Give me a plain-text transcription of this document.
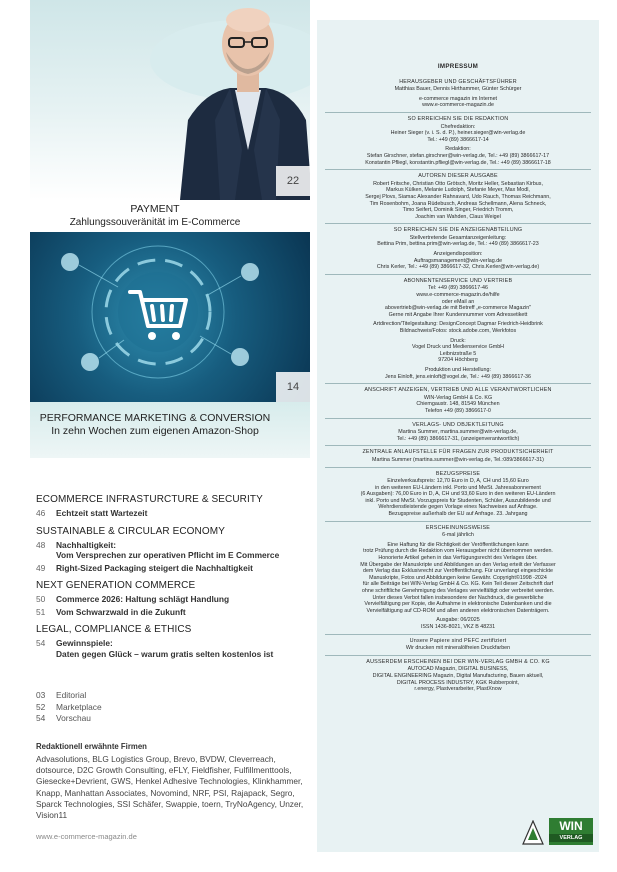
22
PAYMENT
Zahlungssouveränität im E-Commerce
14
PERFORMANCE MARKETING & CONVERSION
In zehn Wochen zum eigenen Amazon-Shop
ECOMMERCE INFRASTURCTURE & SECURITY
46	Echtzeit statt Wartezeit
SUSTAINABLE & CIRCULAR ECONOMY
48	Nachhaltigkeit:
Vom Versprechen zur operativen Pflicht im E Commerce
49	Right-Sized Packaging steigert die Nachhaltigkeit
NEXT GENERATION COMMERCE
50	Commerce 2026: Haltung schlägt Handlung
51	Vom Schwarzwald in die Zukunft
LEGAL, COMPLIANCE & ETHICS
54	Gewinnspiele:
Daten gegen Glück – warum gratis selten kostenlos ist
03	Editorial
52	Marketplace
54	Vorschau
Redaktionell erwähnte Firmen
Advasolutions, BLG Logistics Group, Brevo, BVDW, Cleverreach, dotsource, D2C Growth Consulting, eFLY, Fieldfisher, Fulfillmenttools, Giesecke+Devrient, GWS, Henkel Adhesive Technologies, Klinkhammer, Knapp, Manhattan Associates, Novomind, NRF, PSI, Rajapack, Segro, Sparck Technologies, SSI Schäfer, Swappie, toern, TryNoAgency, Unzer, Vision11
www.e-commerce-magazin.de
IMPRESSUM
HERAUSGEBER UND GESCHÄFTSFÜHRER
Matthias Bauer, Dennis Hirthammer, Günter Schürger
e-commerce magazin im Internet
www.e-commerce-magazin.de
SO ERREICHEN SIE DIE REDAKTION
Chefredaktion:
Heiner Sieger (v. i. S. d. P.), heiner.sieger@win-verlag.de
Tel.: +49 (89) 3866617-14
Redaktion:
Stefan Girschner, stefan.girschner@win-verlag.de, Tel.: +49 (89) 3866617-17
Konstantin Pfliegl, konstantin.pfliegl@win-verlag.de, Tel.: +49 (89) 3866617-18
AUTOREN DIESER AUSGABE
Robert Fritsche, Christian Otto Grötsch, Moritz Heller, Sebastian Kirbus,
Markus Külken, Melanie Ludolph, Stefanie Meyer, Max Modl,
Sergej Plovs, Siamac Alexander Rahnavard, Udo Rauch, Thomas Reichmann,
Tim Rosenbohm, Joana Rüdebusch, Andreas Schellmann, Alena Schneck,
Timo Seifert, Dominik Singer, Friedrich Tromm,
Joachim van Wahden, Claus Weigel
SO ERREICHEN SIE DIE ANZEIGENABTEILUNG
Stellvertretende Gesamtanzeigenleitung:
Bettina Prim, bettina.prim@win-verlag.de, Tel.: +49 (89) 3866617-23
Anzeigendisposition:
Auftragsmanagement@win-verlag.de
Chris Kerler, Tel.: +49 (89) 3866617-32, Chris.Kerler@win-verlag.de)
ABONNENTENSERVICE UND VERTRIEB
Tel: +49 (89) 3866617-46
www.e-commerce-magazin.de/hilfe
oder eMail an
abovertrieb@win-verlag.de mit Betreff „e-commerce Magazin"
Gerne mit Angabe Ihrer Kundennummer vom Adressetikett
Artdirection/Titelgestaltung: DesignConcept Dagmar Friedrich-Heidbrink
Bildnachweis/Fotos: stock.adobe.com, Werkfotos
Druck:
Vogel Druck und Medienservice GmbH
Leibnizstraße 5
97204 Höchberg
Produktion und Herstellung:
Jens Einloft, jens.einloft@vogel.de, Tel.: +49 (89) 3866617-36
ANSCHRIFT ANZEIGEN, VERTRIEB UND ALLE VERANTWORTLICHEN
WIN-Verlag GmbH & Co. KG
Chiemgaustr. 148, 81549 München
Telefon +49 (89) 3866617-0
VERLAGS- UND OBJEKTLEITUNG
Martina Summer, martina.summer@win-verlag.de,
Tel.: +49 (89) 3866617-31, (anzeigenverantwortlich)
ZENTRALE ANLAUFSTELLE FÜR FRAGEN ZUR PRODUKTSICHERHEIT
Martina Summer (martina.summer@win-verlag.de, Tel.:089/3866617-31)
BEZUGSPREISE
Einzelverkaufspreis: 12,70 Euro in D, A, CH und 15,60 Euro
in den weiteren EU-Ländern inkl. Porto und MwSt. Jahresabonnement
(6 Ausgaben): 76,00 Euro in D, A, CH und 93,60 Euro in den weiteren EU-Ländern
inkl. Porto und MwSt. Vorzugspreis für Studenten, Schüler, Auszubildende und
Wehrdienstleistende gegen Vorlage eines Nachweises auf Anfrage.
Bezugspreise außerhalb der EU auf Anfrage. 23. Jahrgang
ERSCHEINUNGSWEISE
6-mal jährlich
Eine Haftung für die Richtigkeit der Veröffentlichungen kann
trotz Prüfung durch die Redaktion vom Herausgeber nicht übernommen werden.
Honorierte Artikel gehen in das Verfügungsrecht des Verlages über.
Mit Übergabe der Manuskripte und Abbildungen an den Verlag erteilt der Verfasser
dem Verlag das Exklusivrecht zur Veröffentlichung. Für unverlangt eingeschickte
Manuskripte, Fotos und Abbildungen keine Gewähr. Copyright©1998 -2024
für alle Beiträge bei WIN-Verlag GmbH & Co. KG. Kein Teil dieser Zeitschrift darf
ohne schriftliche Genehmigung des Verlages vervielfältigt oder verbreitet werden.
Unter dieses Verbot fallen insbesondere der Nachdruck, die gewerbliche
Vervielfältigung per Kopie, die Aufnahme in elektronische Datenbanken und die
Vervielfältigung auf CD-ROM und allen anderen elektronischen Datenträgern.
Ausgabe: 06/2025
ISSN 1436-8021, VKZ B 48231
Unsere Papiere sind PEFC zertifiziert
Wir drucken mit mineralölfreien Druckfarben
AUSSERDEM ERSCHEINEN BEI DER WIN-VERLAG GMBH & CO. KG
AUTOCAD Magazin, DIGITAL BUSINESS,
DIGITAL ENGINEERING Magazin, Digital Manufacturing, Bauen aktuell,
DIGITAL PROCESS INDUSTRY, KGK Rubberpoint,
r.energy, Plastverarbeiter, PlastXnow
WIN
VERLAG
